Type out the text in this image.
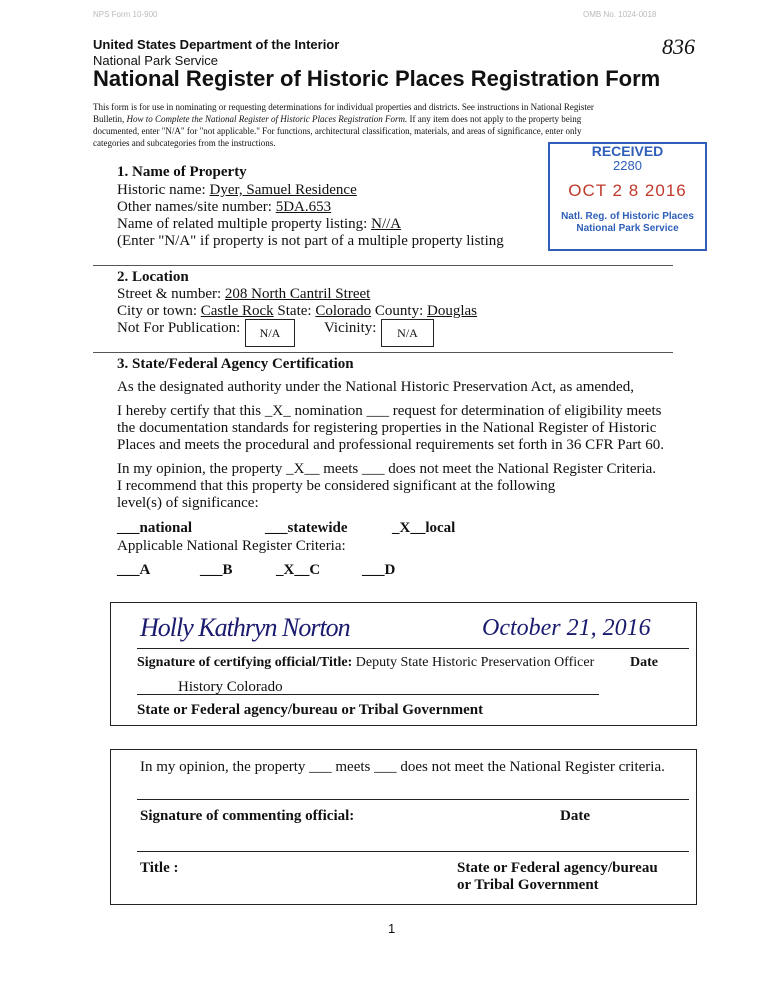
NPS Form 10-900	OMB No. 1024-0018
United States Department of the Interior
National Park Service
836
National Register of Historic Places Registration Form
This form is for use in nominating or requesting determinations for individual properties and districts. See instructions in National Register
Bulletin, How to Complete the National Register of Historic Places Registration Form. If any item does not apply to the property being
documented, enter "N/A" for "not applicable." For functions, architectural classification, materials, and areas of significance, enter only
categories and subcategories from the instructions.	RECEIVED
2280
OCT 2 8 2016
Natl. Reg. of Historic Places
National Park Service
1. Name of Property
Historic name: Dyer, Samuel Residence
Other names/site number: 5DA.653
Name of related multiple property listing: N//A
(Enter "N/A" if property is not part of a multiple property listing
2. Location
Street & number: 208 North Cantril Street
City or town: Castle Rock State: Colorado County: Douglas
Not For Publication:	N/A	Vicinity:	N/A
3. State/Federal Agency Certification
As the designated authority under the National Historic Preservation Act, as amended,
I hereby certify that this _X_ nomination ___ request for determination of eligibility meets
the documentation standards for registering properties in the National Register of Historic
Places and meets the procedural and professional requirements set forth in 36 CFR Part 60.
In my opinion, the property _X__ meets ___ does not meet the National Register Criteria.
I recommend that this property be considered significant at the following
level(s) of significance:
___national	___statewide	_X__local
Applicable National Register Criteria:
___A	___B	_X__C	___D
Holly Kathryn Norton	October 21, 2016
Signature of certifying official/Title: Deputy State Historic Preservation Officer	Date
History Colorado
State or Federal agency/bureau or Tribal Government
In my opinion, the property ___ meets ___ does not meet the National Register criteria.
Signature of commenting official:	Date
Title :	State or Federal agency/bureau
or Tribal Government
1
